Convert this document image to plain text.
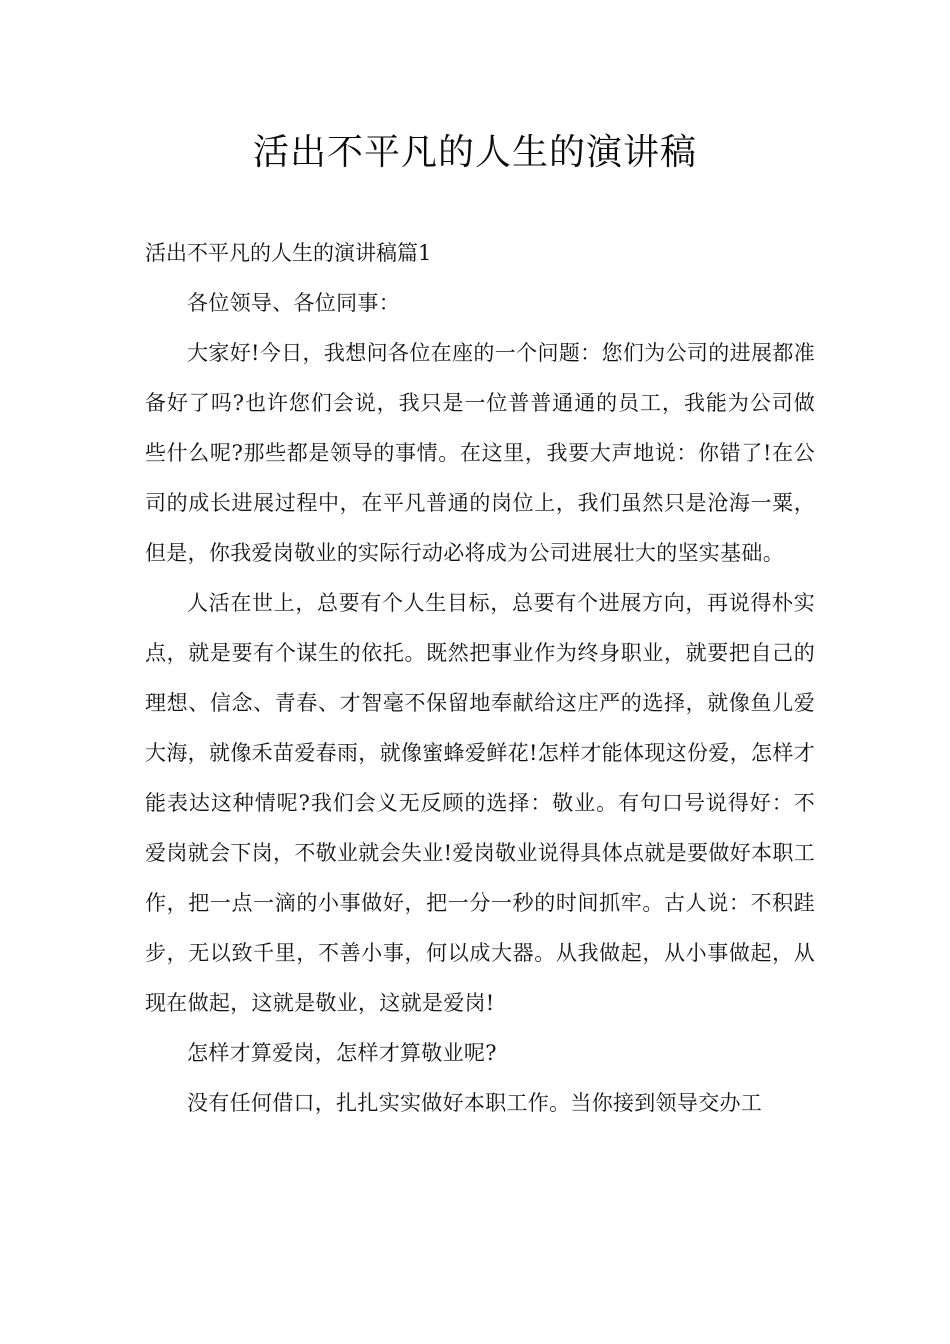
活出不平凡的人生的演讲稿

活出不平凡的人生的演讲稿篇1

各位领导、各位同事：

大家好!今日，我想问各位在座的一个问题：您们为公司的进展都准备好了吗?也许您们会说，我只是一位普普通通的员工，我能为公司做些什么呢?那些都是领导的事情。在这里，我要大声地说：你错了!在公司的成长进展过程中，在平凡普通的岗位上，我们虽然只是沧海一粟，但是，你我爱岗敬业的实际行动必将成为公司进展壮大的坚实基础。

人活在世上，总要有个人生目标，总要有个进展方向，再说得朴实点，就是要有个谋生的依托。既然把事业作为终身职业，就要把自己的理想、信念、青春、才智毫不保留地奉献给这庄严的选择，就像鱼儿爱大海，就像禾苗爱春雨，就像蜜蜂爱鲜花!怎样才能体现这份爱，怎样才能表达这种情呢?我们会义无反顾的选择：敬业。有句口号说得好：不爱岗就会下岗，不敬业就会失业!爱岗敬业说得具体点就是要做好本职工作，把一点一滴的小事做好，把一分一秒的时间抓牢。古人说：不积跬步，无以致千里，不善小事，何以成大器。从我做起，从小事做起，从现在做起，这就是敬业，这就是爱岗!

怎样才算爱岗，怎样才算敬业呢?

没有任何借口，扎扎实实做好本职工作。当你接到领导交办工
